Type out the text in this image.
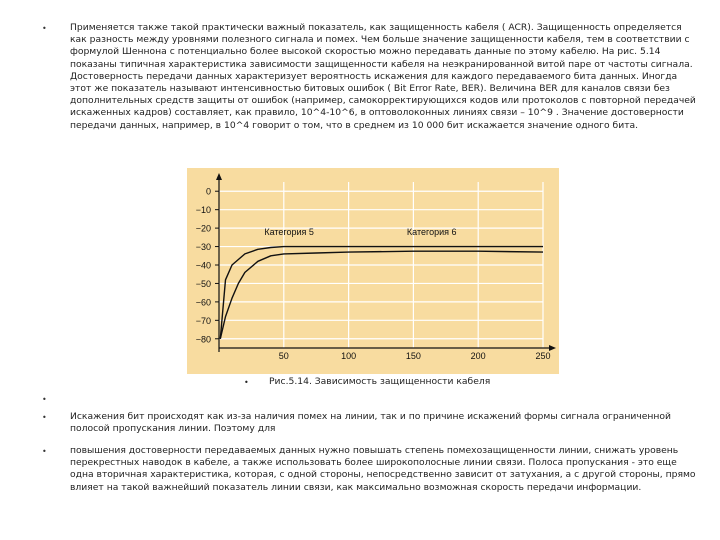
•	Применяется также такой практически важный показатель, как защищенность кабеля ( ACR). Защищенность определяется как разность между уровнями полезного сигнала и помех. Чем больше значение защищенности кабеля, тем в соответствии с формулой Шеннона с потенциально более высокой скоростью можно передавать данные по этому кабелю. На рис. 5.14 показаны типичная характеристика зависимости защищенности кабеля на неэкранированной витой паре от частоты сигнала. Достоверность передачи данных характеризует вероятность искажения для каждого передаваемого бита данных. Иногда этот же показатель называют интенсивностью битовых ошибок ( Bit Error Rate, BER). Величина BER для каналов связи без дополнительных средств защиты от ошибок (например, самокорректирующихся кодов или протоколов с повторной передачей искаженных кадров) составляет, как правило, 10^4-10^6, в оптоволоконных линиях связи – 10^9 . Значение достоверности передачи данных, например, в 10^4 говорит о том, что в среднем из 10 000 бит искажается значение одного бита.

0
−10
−20
−30
−40
−50
−60
−70
−80
50	100	150	200	250
Категория 5	Категория 6
• Рис.5.14. Зависимость защищенности кабеля
•
•	Искажения бит происходят как из-за наличия помех на линии, так и по причине искажений формы сигнала ограниченной полосой пропускания линии. Поэтому для

•	повышения достоверности передаваемых данных нужно повышать степень помехозащищенности линии, снижать уровень перекрестных наводок в кабеле, а также использовать более широкополосные линии связи. Полоса пропускания - это еще одна вторичная характеристика, которая, с одной стороны, непосредственно зависит от затухания, а с другой стороны, прямо влияет на такой важнейший показатель линии связи, как максимально возможная скорость передачи информации.
